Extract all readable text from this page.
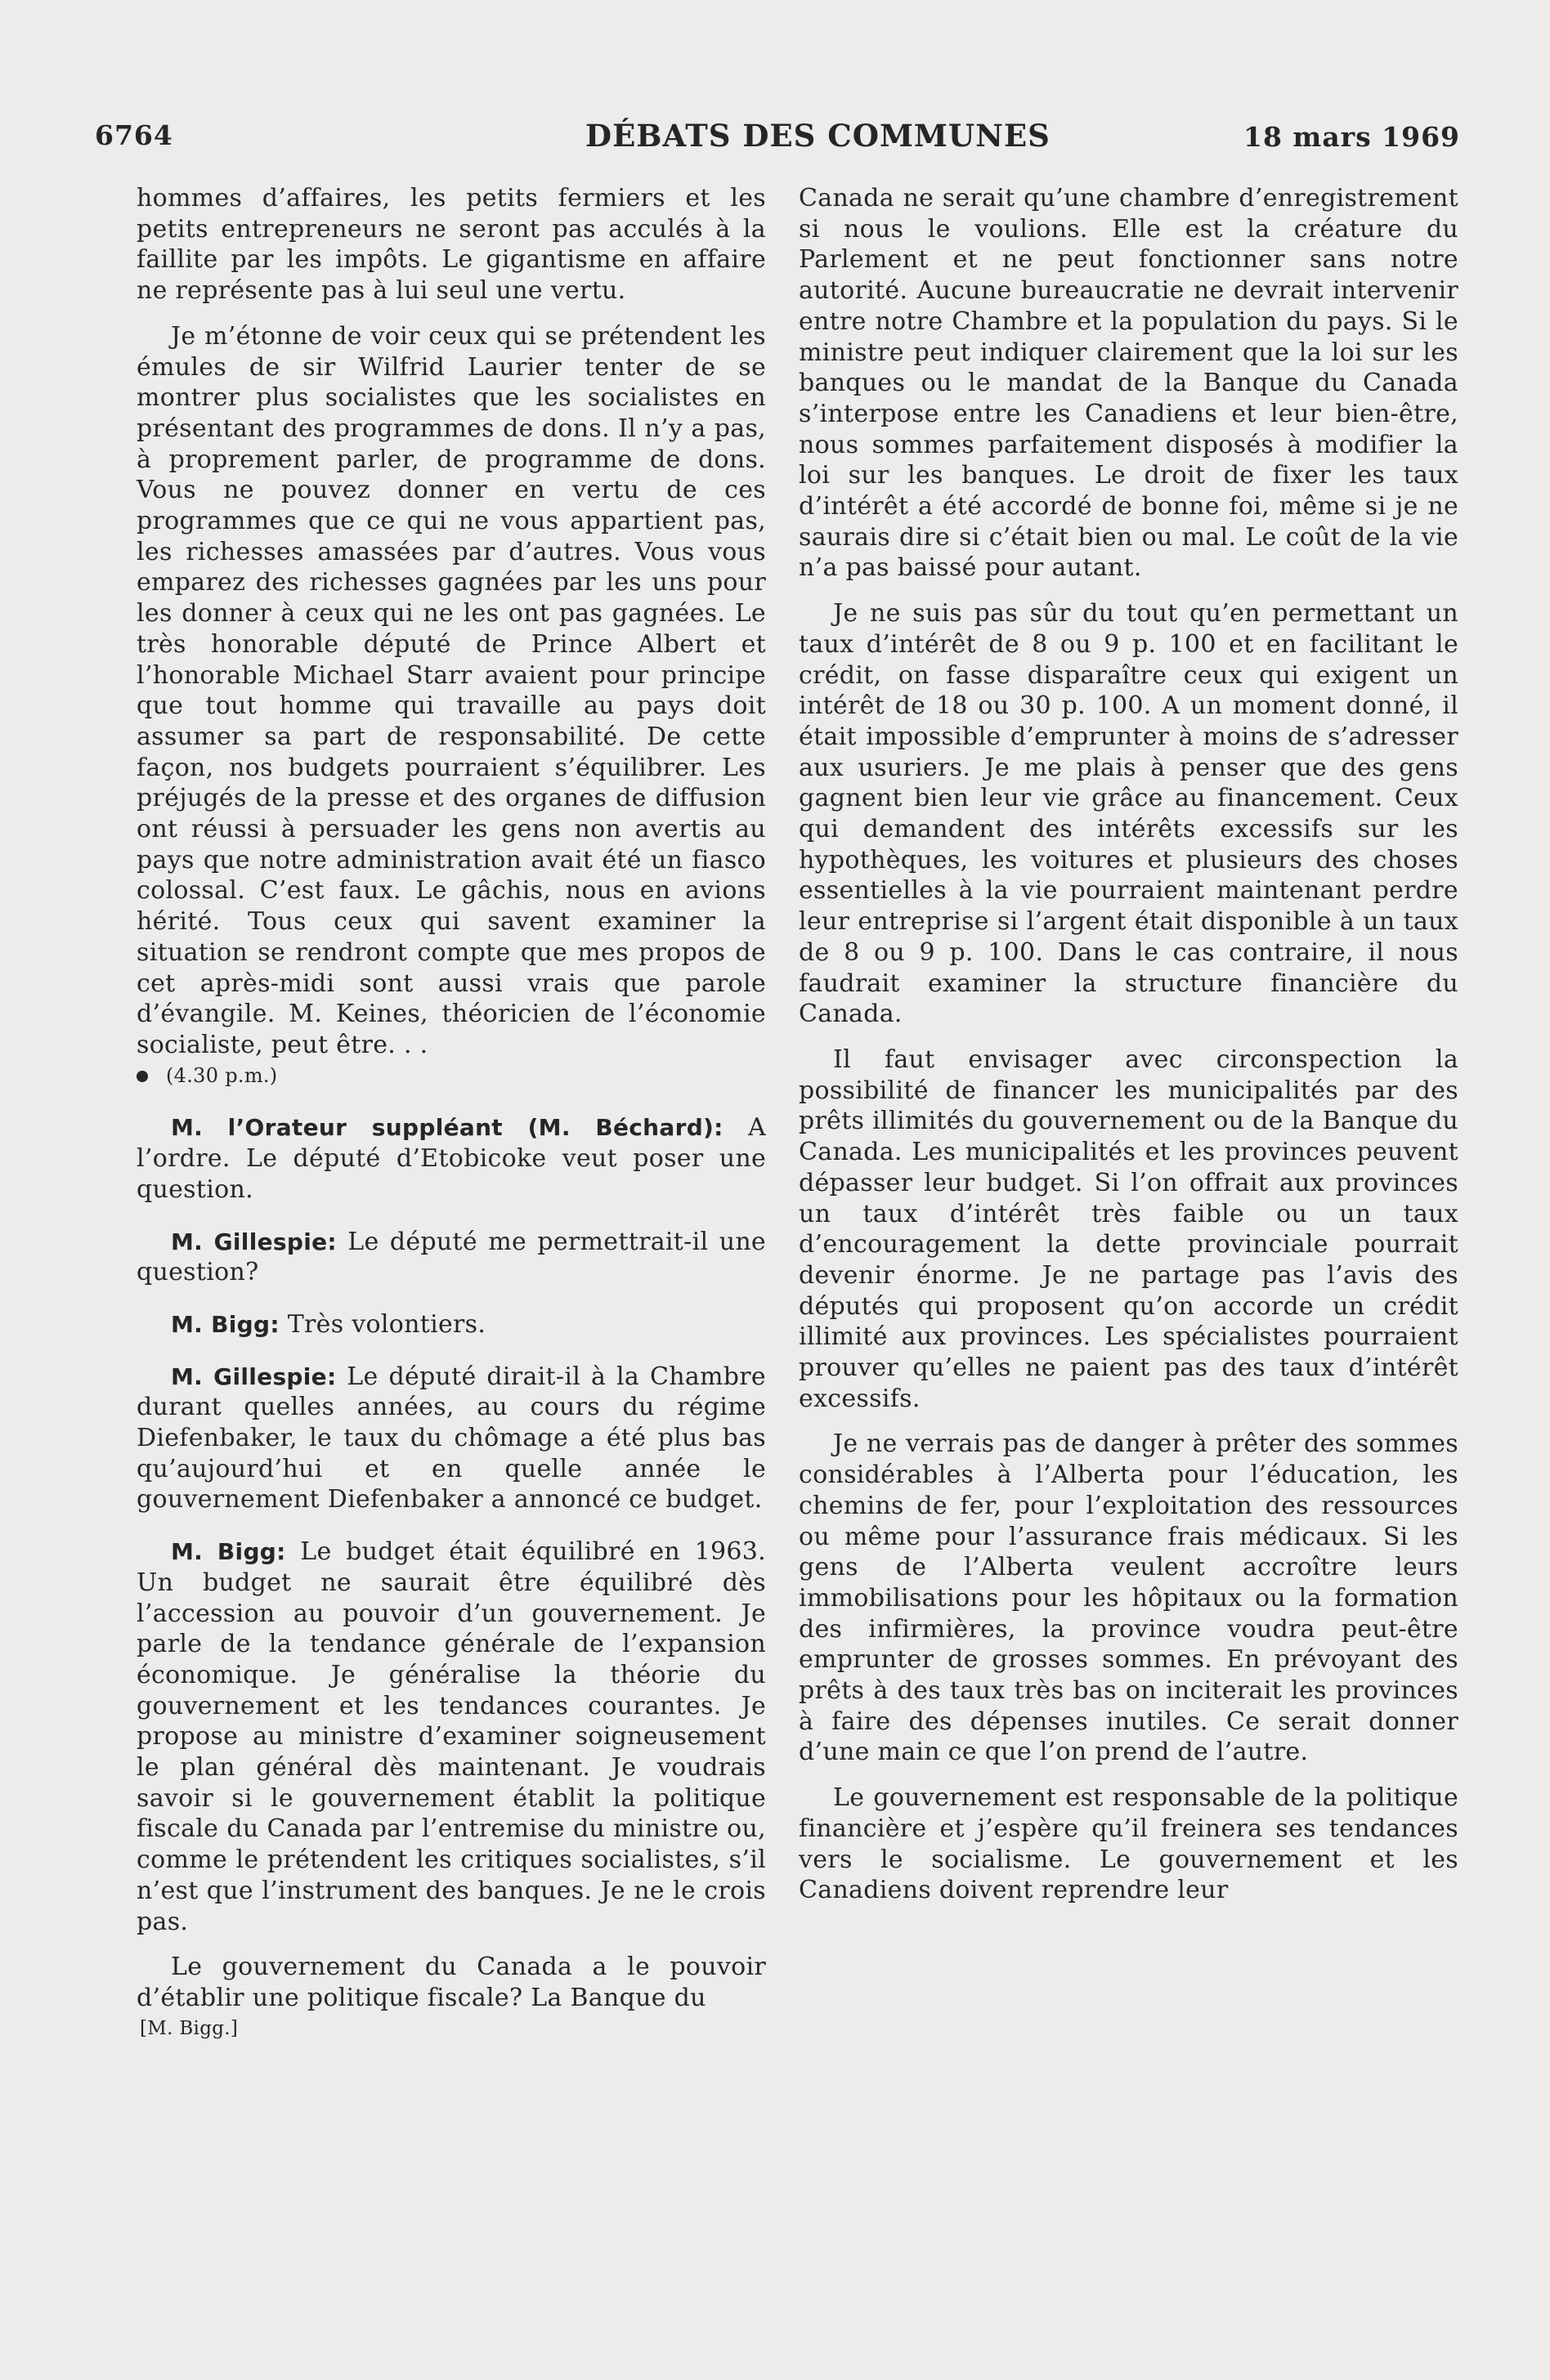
6764	DÉBATS DES COMMUNES	18 mars 1969

hommes d’affaires, les petits fermiers et les petits entrepreneurs ne seront pas acculés à la faillite par les impôts. Le gigantisme en affaire ne représente pas à lui seul une vertu.

Je m’étonne de voir ceux qui se prétendent les émules de sir Wilfrid Laurier tenter de se montrer plus socialistes que les socialistes en présentant des programmes de dons. Il n’y a pas, à proprement parler, de programme de dons. Vous ne pouvez donner en vertu de ces programmes que ce qui ne vous appartient pas, les richesses amassées par d’autres. Vous vous emparez des richesses gagnées par les uns pour les donner à ceux qui ne les ont pas gagnées. Le très honorable député de Prince Albert et l’honorable Michael Starr avaient pour principe que tout homme qui travaille au pays doit assumer sa part de responsabilité. De cette façon, nos budgets pourraient s’équilibrer. Les préjugés de la presse et des organes de diffusion ont réussi à persuader les gens non avertis au pays que notre administration avait été un fiasco colossal. C’est faux. Le gâchis, nous en avions hérité. Tous ceux qui savent examiner la situation se rendront compte que mes propos de cet après-midi sont aussi vrais que parole d’évangile. M. Keines, théoricien de l’économie socialiste, peut être. . .

(4.30 p.m.)

M. l’Orateur suppléant (M. Béchard): A l’ordre. Le député d’Etobicoke veut poser une question.

M. Gillespie: Le député me permettrait-il une question?

M. Bigg: Très volontiers.

M. Gillespie: Le député dirait-il à la Chambre durant quelles années, au cours du régime Diefenbaker, le taux du chômage a été plus bas qu’aujourd’hui et en quelle année le gouvernement Diefenbaker a annoncé ce budget.

M. Bigg: Le budget était équilibré en 1963. Un budget ne saurait être équilibré dès l’accession au pouvoir d’un gouvernement. Je parle de la tendance générale de l’expansion économique. Je généralise la théorie du gouvernement et les tendances courantes. Je propose au ministre d’examiner soigneusement le plan général dès maintenant. Je voudrais savoir si le gouvernement établit la politique fiscale du Canada par l’entremise du ministre ou, comme le prétendent les critiques socialistes, s’il n’est que l’instrument des banques. Je ne le crois pas.

Le gouvernement du Canada a le pouvoir d’établir une politique fiscale? La Banque du

[M. Bigg.]

Canada ne serait qu’une chambre d’enregistrement si nous le voulions. Elle est la créature du Parlement et ne peut fonctionner sans notre autorité. Aucune bureaucratie ne devrait intervenir entre notre Chambre et la population du pays. Si le ministre peut indiquer clairement que la loi sur les banques ou le mandat de la Banque du Canada s’interpose entre les Canadiens et leur bien-être, nous sommes parfaitement disposés à modifier la loi sur les banques. Le droit de fixer les taux d’intérêt a été accordé de bonne foi, même si je ne saurais dire si c’était bien ou mal. Le coût de la vie n’a pas baissé pour autant.

Je ne suis pas sûr du tout qu’en permettant un taux d’intérêt de 8 ou 9 p. 100 et en facilitant le crédit, on fasse disparaître ceux qui exigent un intérêt de 18 ou 30 p. 100. A un moment donné, il était impossible d’emprunter à moins de s’adresser aux usuriers. Je me plais à penser que des gens gagnent bien leur vie grâce au financement. Ceux qui demandent des intérêts excessifs sur les hypothèques, les voitures et plusieurs des choses essentielles à la vie pourraient maintenant perdre leur entreprise si l’argent était disponible à un taux de 8 ou 9 p. 100. Dans le cas contraire, il nous faudrait examiner la structure financière du Canada.

Il faut envisager avec circonspection la possibilité de financer les municipalités par des prêts illimités du gouvernement ou de la Banque du Canada. Les municipalités et les provinces peuvent dépasser leur budget. Si l’on offrait aux provinces un taux d’intérêt très faible ou un taux d’encouragement la dette provinciale pourrait devenir énorme. Je ne partage pas l’avis des députés qui proposent qu’on accorde un crédit illimité aux provinces. Les spécialistes pourraient prouver qu’elles ne paient pas des taux d’intérêt excessifs.

Je ne verrais pas de danger à prêter des sommes considérables à l’Alberta pour l’éducation, les chemins de fer, pour l’exploitation des ressources ou même pour l’assurance frais médicaux. Si les gens de l’Alberta veulent accroître leurs immobilisations pour les hôpitaux ou la formation des infirmières, la province voudra peut-être emprunter de grosses sommes. En prévoyant des prêts à des taux très bas on inciterait les provinces à faire des dépenses inutiles. Ce serait donner d’une main ce que l’on prend de l’autre.

Le gouvernement est responsable de la politique financière et j’espère qu’il freinera ses tendances vers le socialisme. Le gouvernement et les Canadiens doivent reprendre leur
